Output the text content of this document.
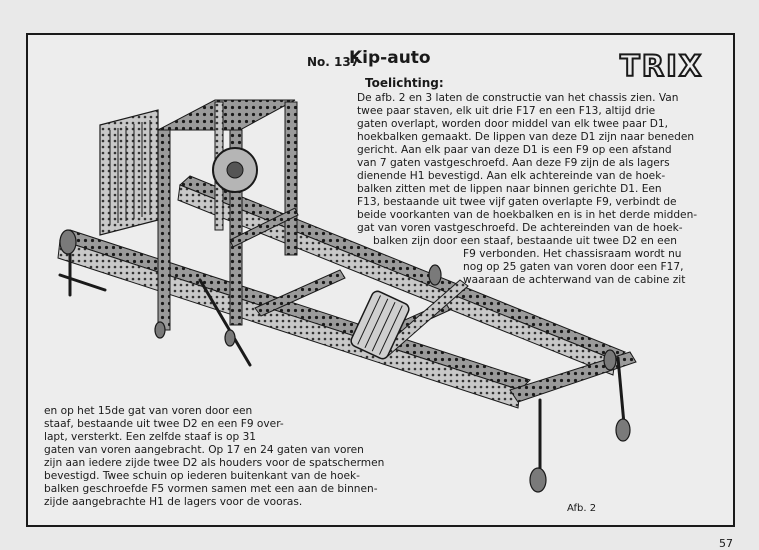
No. 137
Kip-auto	TRIX
Toelichting:
De afb. 2 en 3 laten de constructie van het chassis zien. Van
twee paar staven, elk uit drie F17 en een F13, altijd drie
gaten overlapt, worden door middel van elk twee paar D1,
hoekbalken gemaakt. De lippen van deze D1 zijn naar beneden
gericht. Aan elk paar van deze D1 is een F9 op een afstand
van 7 gaten vastgeschroefd. Aan deze F9 zijn de als lagers
dienende H1 bevestigd. Aan elk achtereinde van de hoek-
balken zitten met de lippen naar binnen gerichte D1. Een
F13, bestaande uit twee vijf gaten overlapte F9, verbindt de
beide voorkanten van de hoekbalken en is in het derde midden-
gat van voren vastgeschroefd. De achtereinden van de hoek-
balken zijn door een staaf, bestaande uit twee D2 en een
F9 verbonden. Het chassisraam wordt nu
nog op 25 gaten van voren door een F17,
waaraan de achterwand van de cabine zit
en op het 15de gat van voren door een
staaf, bestaande uit twee D2 en een F9 over-
lapt, versterkt. Een zelfde staaf is op 31
gaten van voren aangebracht. Op 17 en 24 gaten van voren
zijn aan iedere zijde twee D2 als houders voor de spatschermen
bevestigd. Twee schuin op iederen buitenkant van de hoek-
balken geschroefde F5 vormen samen met een aan de binnen-
zijde aangebrachte H1 de lagers voor de vooras.
Afb. 2
57
